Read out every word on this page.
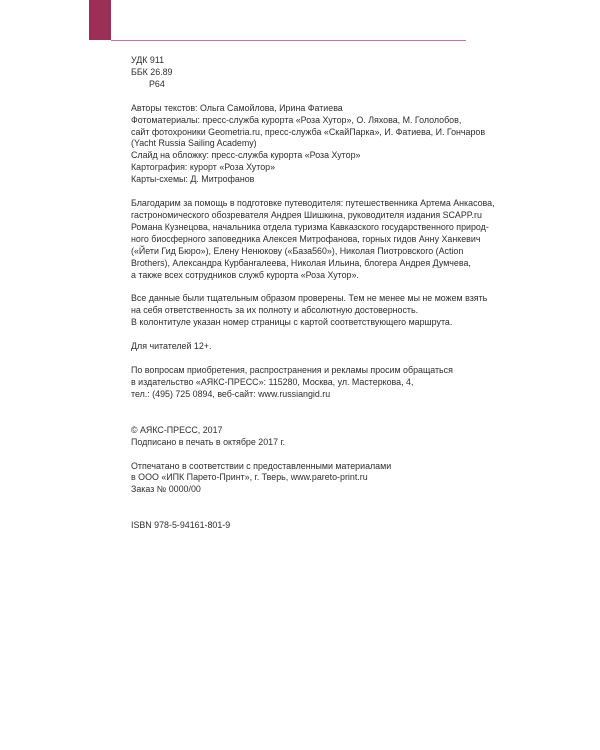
УДК 911
ББК 26.89
Р64
Авторы текстов: Ольга Самойлова, Ирина Фатиева
Фотоматериалы: пресс-служба курорта «Роза Хутор», О. Ляхова, М. Гололобов,
сайт фотохроники Geometria.ru, пресс-служба «СкайПарка», И. Фатиева, И. Гончаров
(Yacht Russia Sailing Academy)
Слайд на обложку: пресс-служба курорта «Роза Хутор»
Картография: курорт «Роза Хутор»
Карты-схемы: Д. Митрофанов
Благодарим за помощь в подготовке путеводителя: путешественника Артема Анкасова,
гастрономического обозревателя Андрея Шишкина, руководителя издания SCAPP.ru
Романа Кузнецова, начальника отдела туризма Кавказского государственного природ-
ного биосферного заповедника Алексея Митрофанова, горных гидов Анну Ханкевич
(«Йети Гид Бюро»), Елену Ненюкову («База560»), Николая Пиотровского (Action
Brothers), Александра Курбангалеева, Николая Ильина, блогера Андрея Думчева,
а также всех сотрудников служб курорта «Роза Хутор».
Все данные были тщательным образом проверены. Тем не менее мы не можем взять
на себя ответственность за их полноту и абсолютную достоверность.
В колонтитуле указан номер страницы с картой соответствующего маршрута.
Для читателей 12+.
По вопросам приобретения, распространения и рекламы просим обращаться
в издательство «АЯКС-ПРЕСС»: 115280, Москва, ул. Мастеркова, 4,
тел.: (495) 725 0894, веб-сайт: www.russiangid.ru
© АЯКС-ПРЕСС, 2017
Подписано в печать в октябре 2017 г.
Отпечатано в соответствии с предоставленными материалами
в ООО «ИПК Парето-Принт», г. Тверь, www.pareto-print.ru
Заказ № 0000/00
ISBN 978-5-94161-801-9
